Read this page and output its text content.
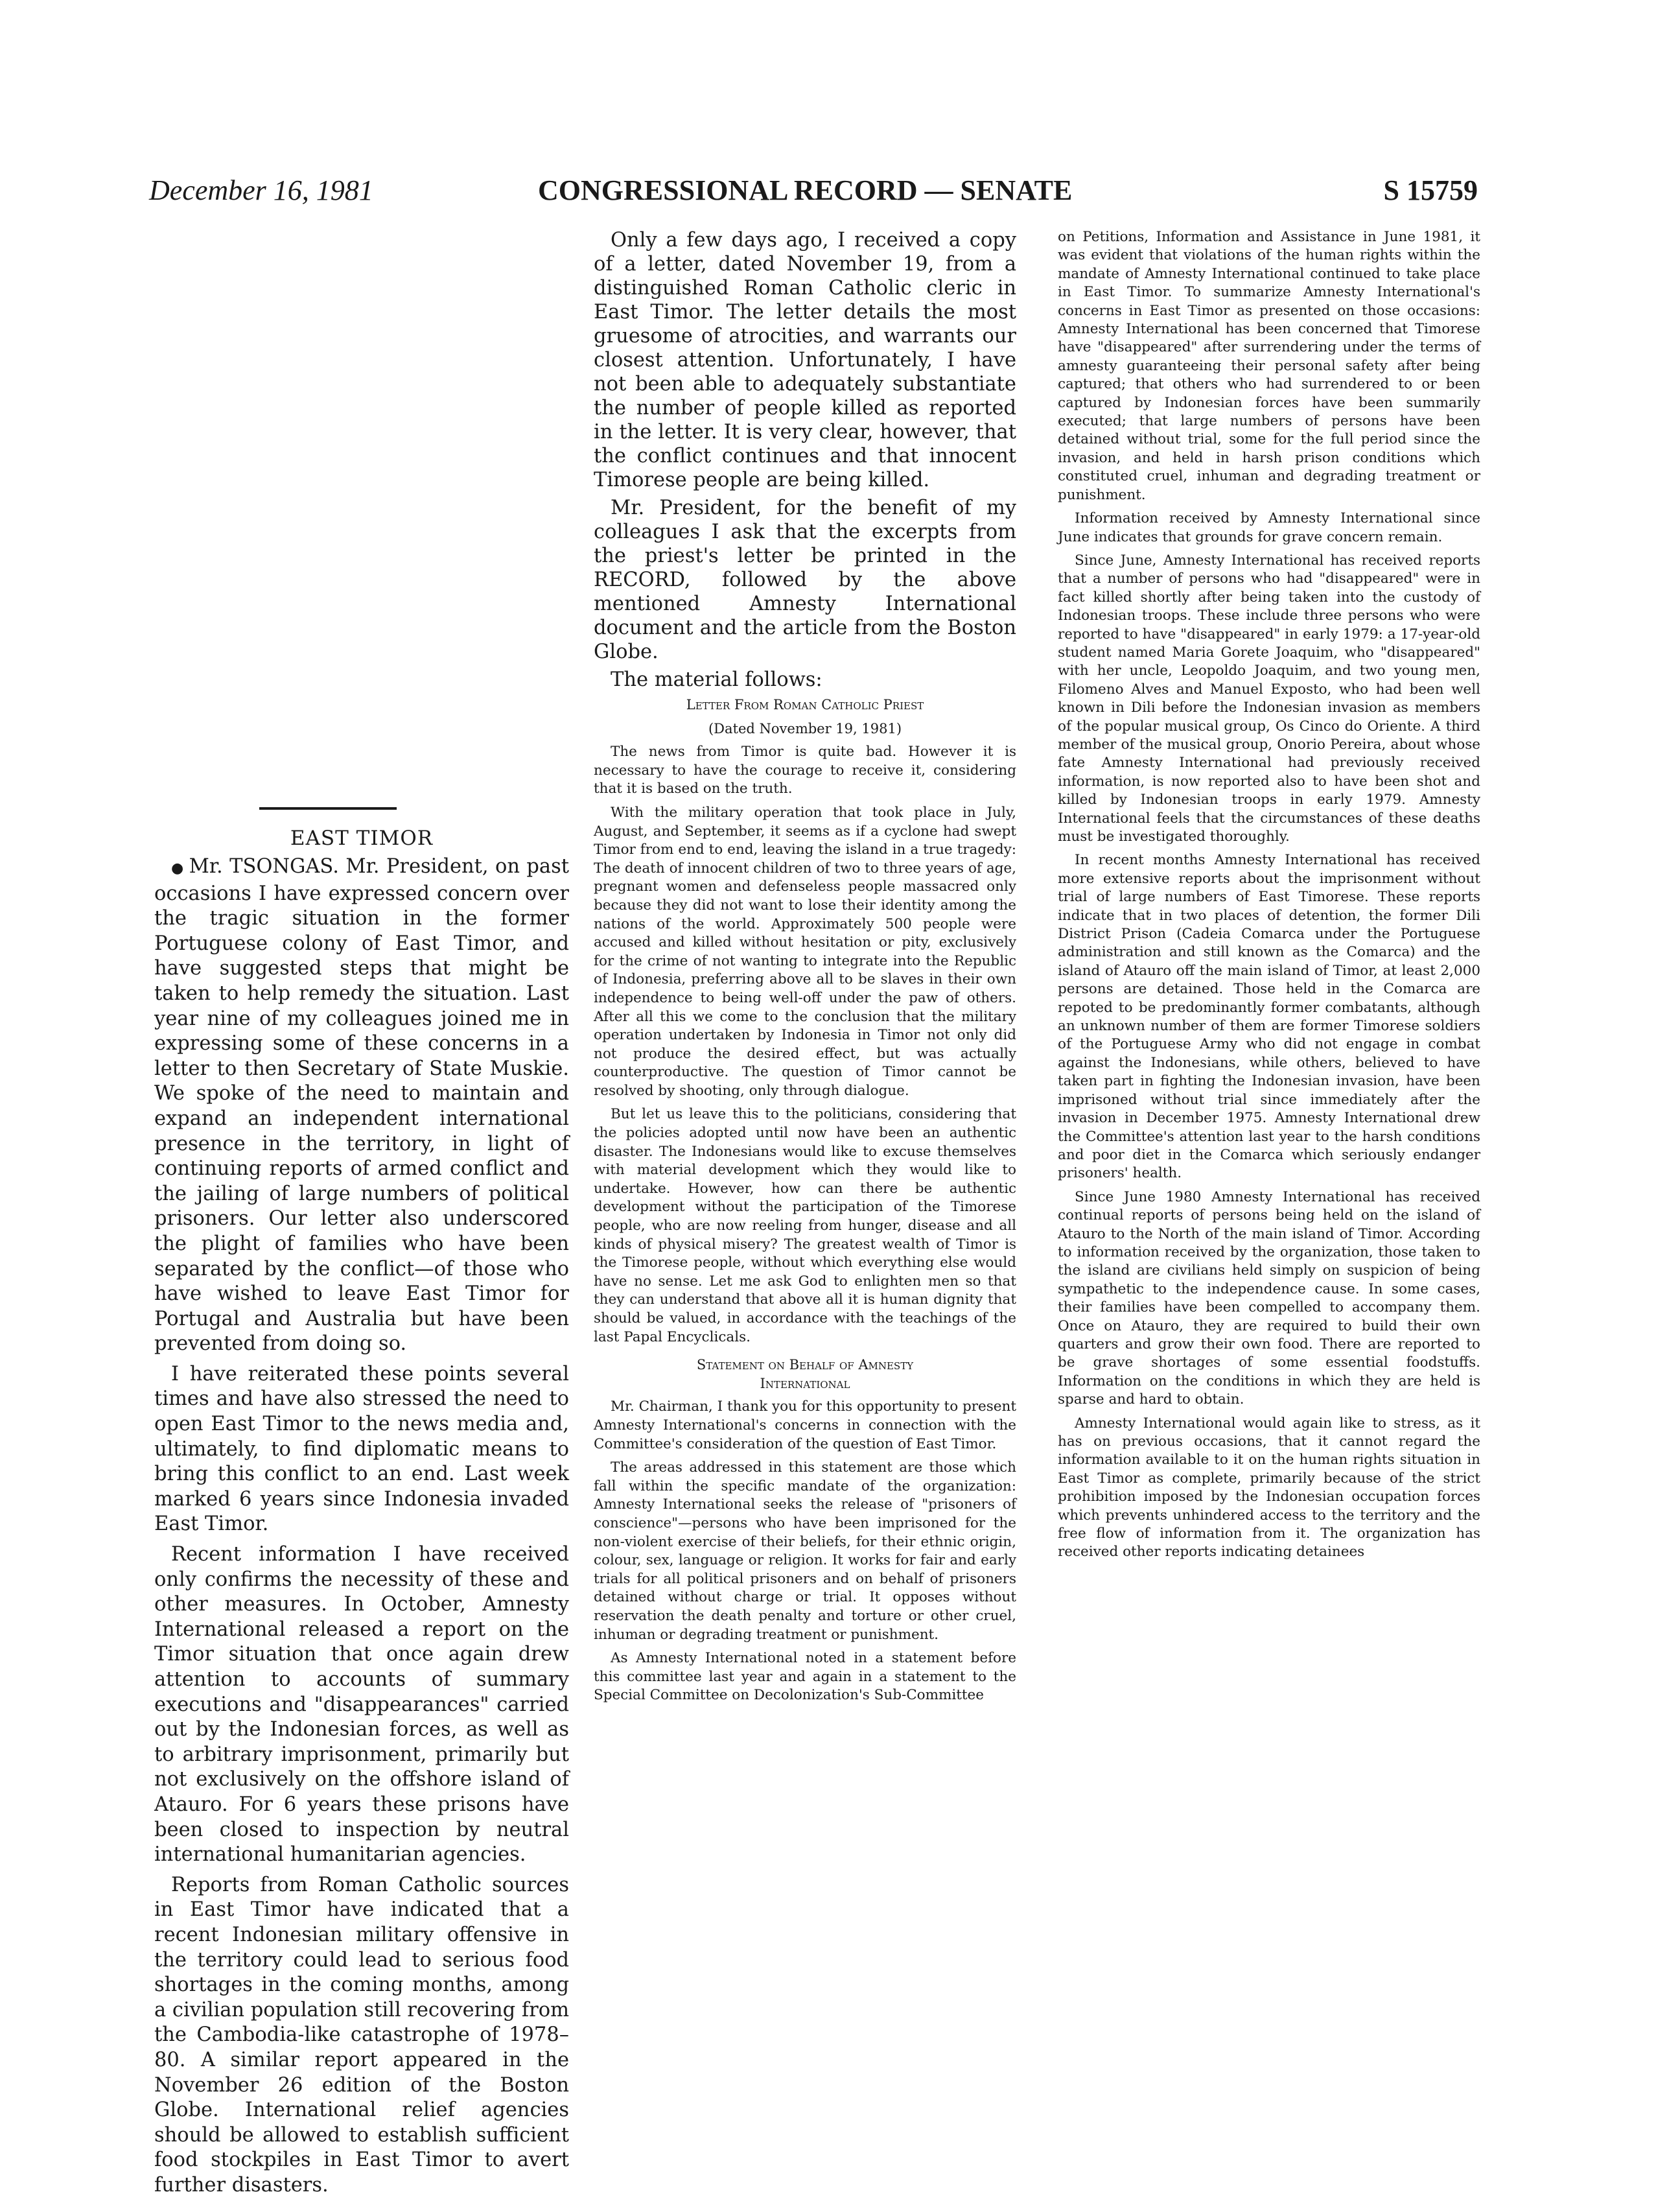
December 16, 1981	CONGRESSIONAL RECORD — SENATE	S 15759
EAST TIMOR

● Mr. TSONGAS. Mr. President, on past occasions I have expressed concern over the tragic situation in the former Portuguese colony of East Timor, and have suggested steps that might be taken to help remedy the situation. Last year nine of my colleagues joined me in expressing some of these concerns in a letter to then Secretary of State Muskie. We spoke of the need to maintain and expand an independent international presence in the territory, in light of continuing reports of armed conflict and the jailing of large numbers of political prisoners. Our letter also underscored the plight of families who have been separated by the conflict—of those who have wished to leave East Timor for Portugal and Australia but have been prevented from doing so.

I have reiterated these points several times and have also stressed the need to open East Timor to the news media and, ultimately, to find diplomatic means to bring this conflict to an end. Last week marked 6 years since Indonesia invaded East Timor.

Recent information I have received only confirms the necessity of these and other measures. In October, Amnesty International released a report on the Timor situation that once again drew attention to accounts of summary executions and "disappearances" carried out by the Indonesian forces, as well as to arbitrary imprisonment, primarily but not exclusively on the offshore island of Atauro. For 6 years these prisons have been closed to inspection by neutral international humanitarian agencies.

Reports from Roman Catholic sources in East Timor have indicated that a recent Indonesian military offensive in the territory could lead to serious food shortages in the coming months, among a civilian population still recovering from the Cambodia-like catastrophe of 1978–80. A similar report appeared in the November 26 edition of the Boston Globe. International relief agencies should be allowed to establish sufficient food stockpiles in East Timor to avert further disasters.

Only a few days ago, I received a copy of a letter, dated November 19, from a distinguished Roman Catholic cleric in East Timor. The letter details the most gruesome of atrocities, and warrants our closest attention. Unfortunately, I have not been able to adequately substantiate the number of people killed as reported in the letter. It is very clear, however, that the conflict continues and that innocent Timorese people are being killed.

Mr. President, for the benefit of my colleagues I ask that the excerpts from the priest's letter be printed in the RECORD, followed by the above mentioned Amnesty International document and the article from the Boston Globe.

The material follows:

Letter From Roman Catholic Priest

(Dated November 19, 1981)

The news from Timor is quite bad. However it is necessary to have the courage to receive it, considering that it is based on the truth.

With the military operation that took place in July, August, and September, it seems as if a cyclone had swept Timor from end to end, leaving the island in a true tragedy: The death of innocent children of two to three years of age, pregnant women and defenseless people massacred only because they did not want to lose their identity among the nations of the world. Approximately 500 people were accused and killed without hesitation or pity, exclusively for the crime of not wanting to integrate into the Republic of Indonesia, preferring above all to be slaves in their own independence to being well-off under the paw of others. After all this we come to the conclusion that the military operation undertaken by Indonesia in Timor not only did not produce the desired effect, but was actually counterproductive. The question of Timor cannot be resolved by shooting, only through dialogue.

But let us leave this to the politicians, considering that the policies adopted until now have been an authentic disaster. The Indonesians would like to excuse themselves with material development which they would like to undertake. However, how can there be authentic development without the participation of the Timorese people, who are now reeling from hunger, disease and all kinds of physical misery? The greatest wealth of Timor is the Timorese people, without which everything else would have no sense. Let me ask God to enlighten men so that they can understand that above all it is human dignity that should be valued, in accordance with the teachings of the last Papal Encyclicals.

Statement on Behalf of Amnesty

International

Mr. Chairman, I thank you for this opportunity to present Amnesty International's concerns in connection with the Committee's consideration of the question of East Timor.

The areas addressed in this statement are those which fall within the specific mandate of the organization: Amnesty International seeks the release of "prisoners of conscience"—persons who have been imprisoned for the non-violent exercise of their beliefs, for their ethnic origin, colour, sex, language or religion. It works for fair and early trials for all political prisoners and on behalf of prisoners detained without charge or trial. It opposes without reservation the death penalty and torture or other cruel, inhuman or degrading treatment or punishment.

As Amnesty International noted in a statement before this committee last year and again in a statement to the Special Committee on Decolonization's Sub-Committee

on Petitions, Information and Assistance in June 1981, it was evident that violations of the human rights within the mandate of Amnesty International continued to take place in East Timor. To summarize Amnesty International's concerns in East Timor as presented on those occasions: Amnesty International has been concerned that Timorese have "disappeared" after surrendering under the terms of amnesty guaranteeing their personal safety after being captured; that others who had surrendered to or been captured by Indonesian forces have been summarily executed; that large numbers of persons have been detained without trial, some for the full period since the invasion, and held in harsh prison conditions which constituted cruel, inhuman and degrading treatment or punishment.

Information received by Amnesty International since June indicates that grounds for grave concern remain.

Since June, Amnesty International has received reports that a number of persons who had "disappeared" were in fact killed shortly after being taken into the custody of Indonesian troops. These include three persons who were reported to have "disappeared" in early 1979: a 17-year-old student named Maria Gorete Joaquim, who "disappeared" with her uncle, Leopoldo Joaquim, and two young men, Filomeno Alves and Manuel Exposto, who had been well known in Dili before the Indonesian invasion as members of the popular musical group, Os Cinco do Oriente. A third member of the musical group, Onorio Pereira, about whose fate Amnesty International had previously received information, is now reported also to have been shot and killed by Indonesian troops in early 1979. Amnesty International feels that the circumstances of these deaths must be investigated thoroughly.

In recent months Amnesty International has received more extensive reports about the imprisonment without trial of large numbers of East Timorese. These reports indicate that in two places of detention, the former Dili District Prison (Cadeia Comarca under the Portuguese administration and still known as the Comarca) and the island of Atauro off the main island of Timor, at least 2,000 persons are detained. Those held in the Comarca are repoted to be predominantly former combatants, although an unknown number of them are former Timorese soldiers of the Portuguese Army who did not engage in combat against the Indonesians, while others, believed to have taken part in fighting the Indonesian invasion, have been imprisoned without trial since immediately after the invasion in December 1975. Amnesty International drew the Committee's attention last year to the harsh conditions and poor diet in the Comarca which seriously endanger prisoners' health.

Since June 1980 Amnesty International has received continual reports of persons being held on the island of Atauro to the North of the main island of Timor. According to information received by the organization, those taken to the island are civilians held simply on suspicion of being sympathetic to the independence cause. In some cases, their families have been compelled to accompany them. Once on Atauro, they are required to build their own quarters and grow their own food. There are reported to be grave shortages of some essential foodstuffs. Information on the conditions in which they are held is sparse and hard to obtain.

Amnesty International would again like to stress, as it has on previous occasions, that it cannot regard the information available to it on the human rights situation in East Timor as complete, primarily because of the strict prohibition imposed by the Indonesian occupation forces which prevents unhindered access to the territory and the free flow of information from it. The organization has received other reports indicating detainees
